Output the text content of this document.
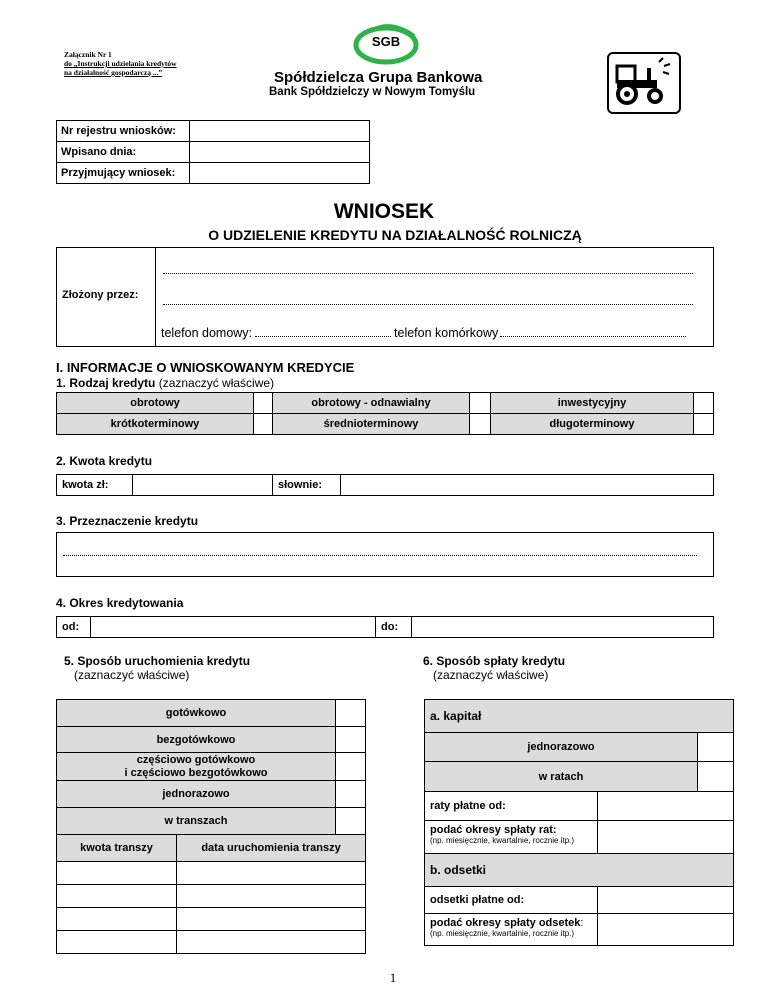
Załącznik Nr 1
do „Instrukcji udzielania kredytów
na działalność gospodarczą ...”
SGB
Spółdzielcza Grupa Bankowa
Bank Spółdzielczy w Nowym Tomyślu
Nr rejestru wniosków:	
Wpisano dnia:	
Przyjmujący wniosek:	
WNIOSEK
O UDZIELENIE KREDYTU NA DZIAŁALNOŚĆ ROLNICZĄ
Złożony przez:
telefon domowy:	telefon komórkowy
I. INFORMACJE O WNIOSKOWANYM KREDYCIE
1. Rodzaj kredytu (zaznaczyć właściwe)
obrotowy	obrotowy - odnawialny	inwestycyjny
krótkoterminowy	średnioterminowy	długoterminowy
2. Kwota kredytu
kwota zł:	słownie:
3. Przeznaczenie kredytu
4. Okres kredytowania
od:	do:
5. Sposób uruchomienia kredytu
(zaznaczyć właściwe)
gotówkowo
bezgotówkowo
częściowo gotówkowo
i częściowo bezgotówkowo
jednorazowo
w transzach
kwota transzy	data uruchomienia transzy
6. Sposób spłaty kredytu
(zaznaczyć właściwe)
a. kapitał
jednorazowo
w ratach
raty płatne od:
podać okresy spłaty rat:
(np. miesięcznie, kwartalnie, rocznie itp.)
b. odsetki
odsetki płatne od:
podać okresy spłaty odsetek:
(np. miesięcznie, kwartalnie, rocznie itp.)
1
